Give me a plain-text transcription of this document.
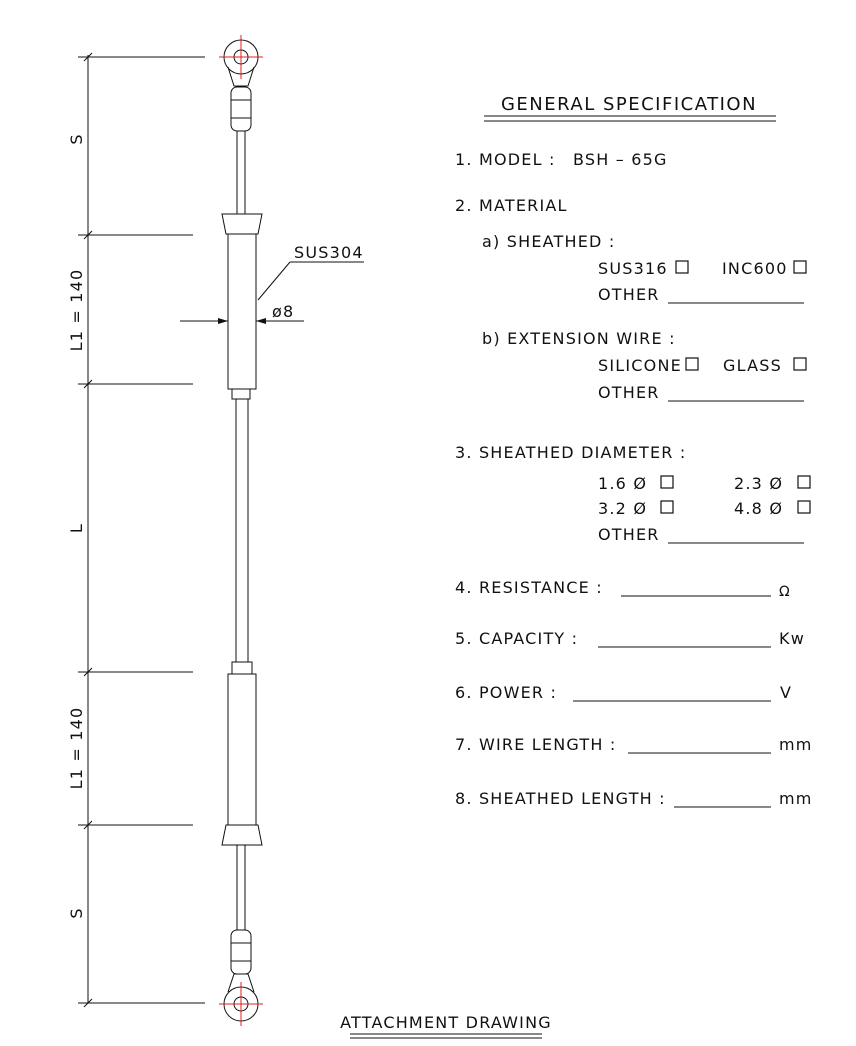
S
L1 = 140
L
L1 = 140
S
SUS304
ø8
ATTACHMENT DRAWING
GENERAL SPECIFICATION
1. MODEL : BSH – 65G
2. MATERIAL
a) SHEATHED :
SUS316	INC600
OTHER
b) EXTENSION WIRE :
SILICONE	GLASS
OTHER
3. SHEATHED DIAMETER :
1.6 Ø	2.3 Ø
3.2 Ø	4.8 Ø
OTHER
4. RESISTANCE :	Ω
5. CAPACITY :	Kw
6. POWER :	V
7. WIRE LENGTH :	mm
8. SHEATHED LENGTH :	mm
